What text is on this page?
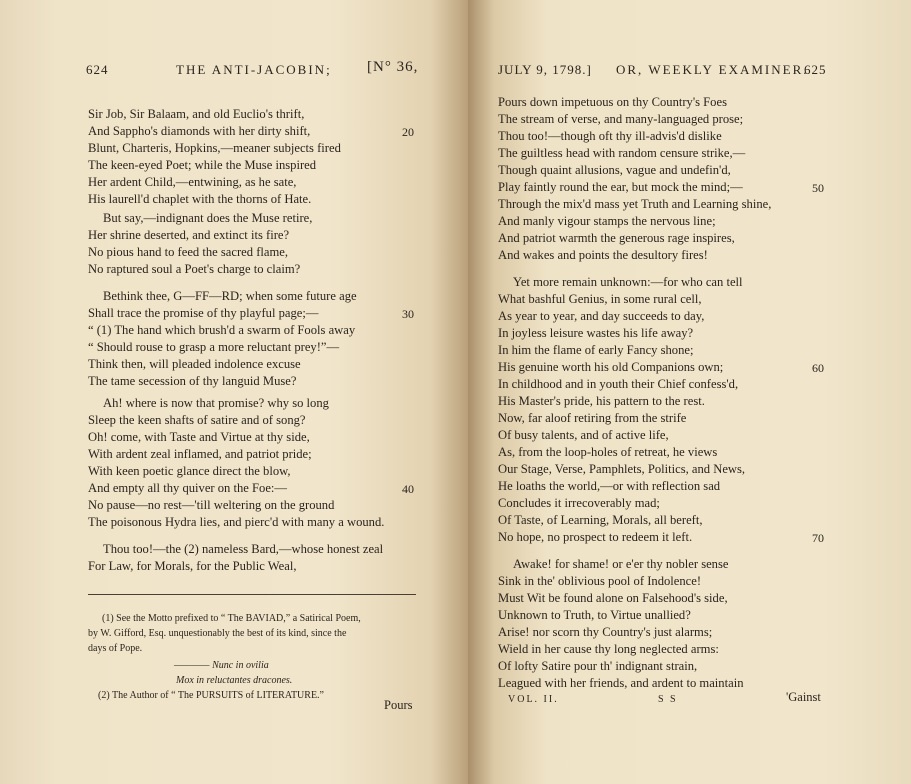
624	THE ANTI-JACOBIN; [N° 36,
Sir Job, Sir Balaam, and old Euclio's thrift,
And Sappho's diamonds with her dirty shift,	20
Blunt, Charteris, Hopkins,—meaner subjects fired
The keen-eyed Poet; while the Muse inspired
Her ardent Child,—entwining, as he sate,
His laurell'd chaplet with the thorns of Hate.
But say,—indignant does the Muse retire,
Her shrine deserted, and extinct its fire?
No pious hand to feed the sacred flame,
No raptured soul a Poet's charge to claim?
Bethink thee, G—FF—RD; when some future age
Shall trace the promise of thy playful page;—	30
“ (1) The hand which brush'd a swarm of Fools away
“ Should rouse to grasp a more reluctant prey!”—
Think then, will pleaded indolence excuse
The tame secession of thy languid Muse?
Ah! where is now that promise? why so long
Sleep the keen shafts of satire and of song?
Oh! come, with Taste and Virtue at thy side,
With ardent zeal inflamed, and patriot pride;
With keen poetic glance direct the blow,
And empty all thy quiver on the Foe:—	40
No pause—no rest—'till weltering on the ground
The poisonous Hydra lies, and pierc'd with many a wound.
Thou too!—the (2) nameless Bard,—whose honest zeal
For Law, for Morals, for the Public Weal,
(1) See the Motto prefixed to “ The BAVIAD,” a Satirical Poem,
by W. Gifford, Esq. unquestionably the best of its kind, since the
days of Pope.
———— Nunc in ovilia
Mox in reluctantes dracones.
(2) The Author of “ The PURSUITS of LITERATURE.”
Pours
JULY 9, 1798.] OR, WEEKLY EXAMINER.
625
Pours down impetuous on thy Country's Foes
The stream of verse, and many-languaged prose;
Thou too!—though oft thy ill-advis'd dislike
The guiltless head with random censure strike,—
Though quaint allusions, vague and undefin'd,
Play faintly round the ear, but mock the mind;—	50
Through the mix'd mass yet Truth and Learning shine,
And manly vigour stamps the nervous line;
And patriot warmth the generous rage inspires,
And wakes and points the desultory fires!
Yet more remain unknown:—for who can tell
What bashful Genius, in some rural cell,
As year to year, and day succeeds to day,
In joyless leisure wastes his life away?
In him the flame of early Fancy shone;
His genuine worth his old Companions own;	60
In childhood and in youth their Chief confess'd,
His Master's pride, his pattern to the rest.
Now, far aloof retiring from the strife
Of busy talents, and of active life,
As, from the loop-holes of retreat, he views
Our Stage, Verse, Pamphlets, Politics, and News,
He loaths the world,—or with reflection sad
Concludes it irrecoverably mad;
Of Taste, of Learning, Morals, all bereft,
No hope, no prospect to redeem it left.	70
Awake! for shame! or e'er thy nobler sense
Sink in the' oblivious pool of Indolence!
Must Wit be found alone on Falsehood's side,
Unknown to Truth, to Virtue unallied?
Arise! nor scorn thy Country's just alarms;
Wield in her cause thy long neglected arms:
Of lofty Satire pour th' indignant strain,
Leagued with her friends, and ardent to maintain
VOL. II.	S S	'Gainst
